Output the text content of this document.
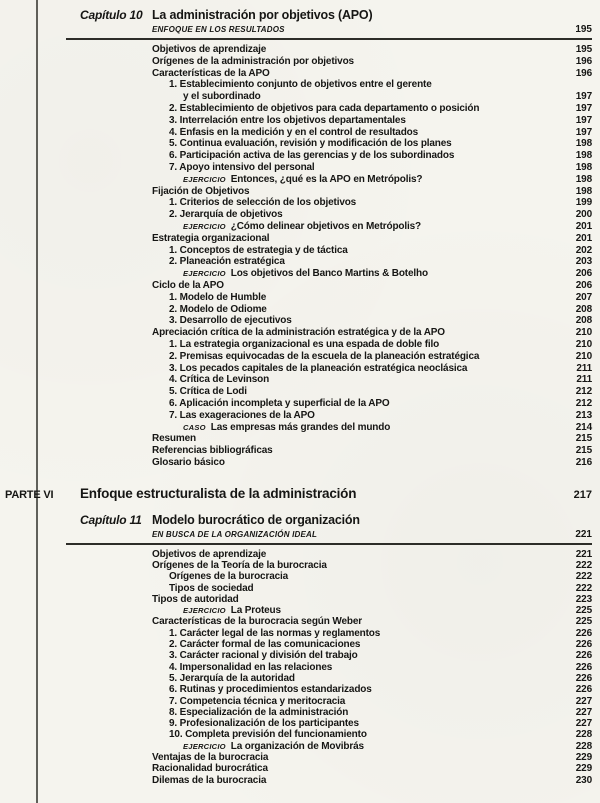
Capítulo 10 La administración por objetivos (APO)
ENFOQUE EN LOS RESULTADOS	195
Objetivos de aprendizaje	195
Orígenes de la administración por objetivos	196
Características de la APO	196
1. Establecimiento conjunto de objetivos entre el gerente
y el subordinado	197
2. Establecimiento de objetivos para cada departamento o posición	197
3. Interrelación entre los objetivos departamentales	197
4. Énfasis en la medición y en el control de resultados	197
5. Continua evaluación, revisión y modificación de los planes	198
6. Participación activa de las gerencias y de los subordinados	198
7. Apoyo intensivo del personal	198
EJERCICIO Entonces, ¿qué es la APO en Metrópolis?	198
Fijación de Objetivos	198
1. Criterios de selección de los objetivos	199
2. Jerarquía de objetivos	200
EJERCICIO ¿Cómo delinear objetivos en Metrópolis?	201
Estrategia organizacional	201
1. Conceptos de estrategia y de táctica	202
2. Planeación estratégica	203
EJERCICIO Los objetivos del Banco Martins & Botelho	206
Ciclo de la APO	206
1. Modelo de Humble	207
2. Modelo de Odiome	208
3. Desarrollo de ejecutivos	208
Apreciación crítica de la administración estratégica y de la APO	210
1. La estrategia organizacional es una espada de doble filo	210
2. Premisas equivocadas de la escuela de la planeación estratégica	210
3. Los pecados capitales de la planeación estratégica neoclásica	211
4. Crítica de Levinson	211
5. Crítica de Lodi	212
6. Aplicación incompleta y superficial de la APO	212
7. Las exageraciones de la APO	213
CASO Las empresas más grandes del mundo	214
Resumen	215
Referencias bibliográficas	215
Glosario básico	216
PARTE VI	Enfoque estructuralista de la administración	217
Capítulo 11 Modelo burocrático de organización
EN BUSCA DE LA ORGANIZACIÓN IDEAL	221
Objetivos de aprendizaje	221
Orígenes de la Teoría de la burocracia	222
Orígenes de la burocracia	222
Tipos de sociedad	222
Tipos de autoridad	223
EJERCICIO La Proteus	225
Características de la burocracia según Weber	225
1. Carácter legal de las normas y reglamentos	226
2. Carácter formal de las comunicaciones	226
3. Carácter racional y división del trabajo	226
4. Impersonalidad en las relaciones	226
5. Jerarquía de la autoridad	226
6. Rutinas y procedimientos estandarizados	226
7. Competencia técnica y meritocracia	227
8. Especialización de la administración	227
9. Profesionalización de los participantes	227
10. Completa previsión del funcionamiento	228
EJERCICIO La organización de Movibrás	228
Ventajas de la burocracia	229
Racionalidad burocrática	229
Dilemas de la burocracia	230
